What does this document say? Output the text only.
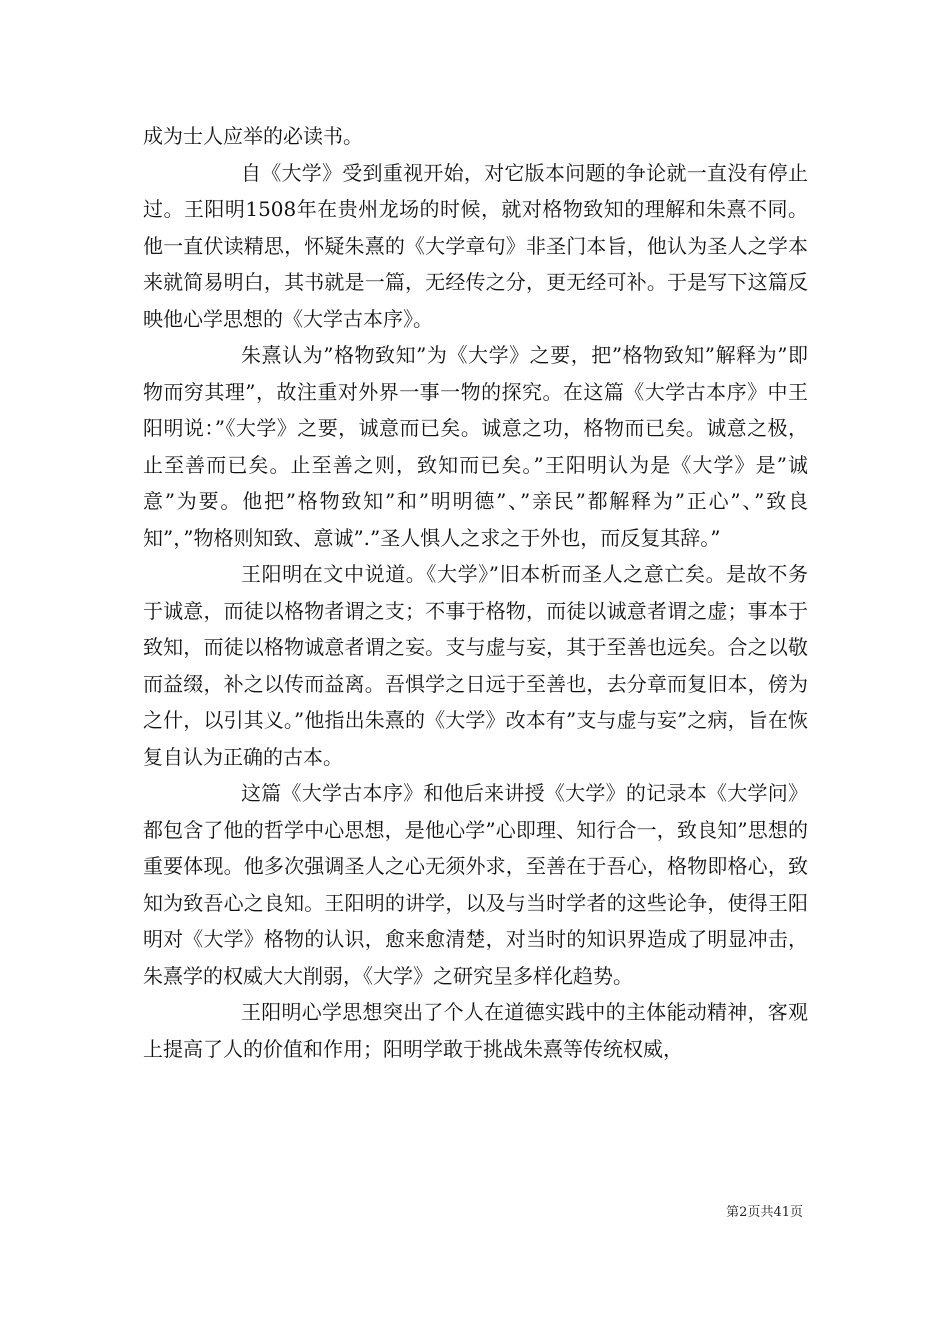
成为士人应举的必读书。

自《大学》受到重视开始，对它版本问题的争论就一直没有停止过。王阳明1508年在贵州龙场的时候，就对格物致知的理解和朱熹不同。他一直伏读精思，怀疑朱熹的《大学章句》非圣门本旨，他认为圣人之学本来就简易明白，其书就是一篇，无经传之分，更无经可补。于是写下这篇反映他心学思想的《大学古本序》。

朱熹认为”格物致知”为《大学》之要，把”格物致知”解释为”即物而穷其理”，故注重对外界一事一物的探究。在这篇《大学古本序》中王阳明说：”《大学》之要，诚意而已矣。诚意之功，格物而已矣。诚意之极，止至善而已矣。止至善之则，致知而已矣。”王阳明认为是《大学》是”诚意”为要。他把”格物致知”和”明明德”、”亲民”都解释为”正心”、”致良知”，”物格则知致、意诚”.”圣人惧人之求之于外也，而反复其辞。”

王阳明在文中说道。《大学》”旧本析而圣人之意亡矣。是故不务于诚意，而徒以格物者谓之支；不事于格物，而徒以诚意者谓之虚；事本于致知，而徒以格物诚意者谓之妄。支与虚与妄，其于至善也远矣。合之以敬而益缀，补之以传而益离。吾惧学之日远于至善也，去分章而复旧本，傍为之什，以引其义。”他指出朱熹的《大学》改本有”支与虚与妄”之病，旨在恢复自认为正确的古本。

这篇《大学古本序》和他后来讲授《大学》的记录本《大学问》都包含了他的哲学中心思想，是他心学”心即理、知行合一，致良知”思想的重要体现。他多次强调圣人之心无须外求，至善在于吾心，格物即格心，致知为致吾心之良知。王阳明的讲学，以及与当时学者的这些论争，使得王阳明对《大学》格物的认识，愈来愈清楚，对当时的知识界造成了明显冲击，朱熹学的权威大大削弱，《大学》之研究呈多样化趋势。

王阳明心学思想突出了个人在道德实践中的主体能动精神，客观上提高了人的价值和作用；阳明学敢于挑战朱熹等传统权威，

第2页共41页
